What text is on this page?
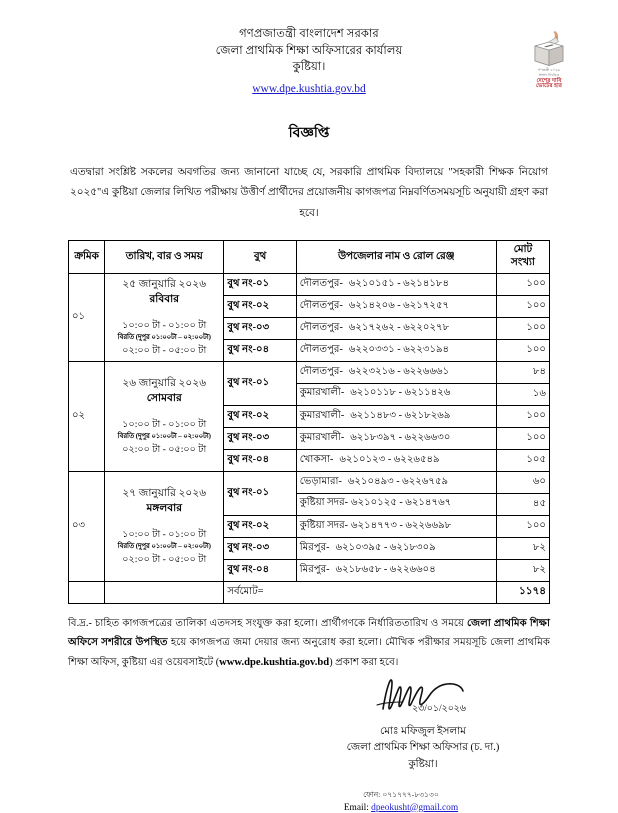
গণপ্রজাতন্ত্রী বাংলাদেশ সরকার
জেলা প্রাথমিক শিক্ষা অফিসারের কার্যালয়
কুষ্টিয়া।
www.dpe.kushtia.gov.bd
গণতন্ত্রী ২০২৬
সংসদ নির্বাচন
দেশের দাবি
ভোটের হার
বিজ্ঞপ্তি
এতদ্বারা সংশ্লিষ্ট সকলের অবগতির জন্য জানানো যাচ্ছে যে, সরকারি প্রাথমিক বিদ্যালয়ে "সহকারী শিক্ষক নিয়োগ ২০২৫"এ কুষ্টিয়া জেলার লিখিত পরীক্ষায় উত্তীর্ণ প্রার্থীদের প্রয়োজনীয় কাগজপত্র নিম্নবর্ণিতসময়সূচি অনুযায়ী গ্রহণ করা হবে।
ক্রমিক	তারিখ, বার ও সময়	বুথ	উপজেলার নাম ও রোল রেঞ্জ	মোট
সংখ্যা

০১	২৫ জানুয়ারি ২০২৬
রবিবার
১০:০০ টা - ০১:০০ টা
বিরতি (দুপুর ০১:০০টা – ০২:০০টা)
০২:০০ টা - ০৫:০০ টা	বুথ নং-০১	দৌলতপুর- ৬২১০১৫১ - ৬২১৪১৮৪	১০০
		বুথ নং-০২	দৌলতপুর- ৬২১৪২০৬ - ৬২১৭২৫৭	১০০
		বুথ নং-০৩	দৌলতপুর- ৬২১৭২৬২ - ৬২২০২৭৮	১০০
		বুথ নং-০৪	দৌলতপুর- ৬২২০৩৩১ - ৬২২৩১৯৪	১০০
০২	২৬ জানুয়ারি ২০২৬
সোমবার
১০:০০ টা - ০১:০০ টা
বিরতি (দুপুর ০১:০০টা – ০২:০০টা)
০২:০০ টা - ০৫:০০ টা	বুথ নং-০১	দৌলতপুর- ৬২২৩২১৬ - ৬২২৬৬৬১	৮৪
			কুমারখালী- ৬২১০১১৮ - ৬২১১৪২৬	১৬
		বুথ নং-০২	কুমারখালী- ৬২১১৪৮৩ - ৬২১৮২৬৯	১০০
		বুথ নং-০৩	কুমারখালী- ৬২১৮৩৯৭ - ৬২২৬৬৩০	১০০
		বুথ নং-০৪	খোকসা- ৬২১০১২৩ - ৬২২৬৫৪৯	১০৫
০৩	২৭ জানুয়ারি ২০২৬
মঙ্গলবার
১০:০০ টা - ০১:০০ টা
বিরতি (দুপুর ০১:০০টা – ০২:০০টা)
০২:০০ টা - ০৫:০০ টা	বুথ নং-০১	ভেড়ামারা- ৬২১০৪৯৩ - ৬২২৬৭৫৯	৬০
			কুষ্টিয়া সদর- ৬২১০১২৫ - ৬২১৪৭৬৭	৪৫
		বুথ নং-০২	কুষ্টিয়া সদর- ৬২১৪৭৭৩ - ৬২২৬৬৯৮	১০০
		বুথ নং-০৩	মিরপুর- ৬২১০৩৯৫ - ৬২১৮৩০৯	৮২
		বুথ নং-০৪	মিরপুর- ৬২১৮৬৫৮ - ৬২২৬৬০৪	৮২
		সর্বমোট=		১১৭৪
বি.দ্র.- চাহিত কাগজপত্রের তালিকা এতদসহ সংযুক্ত করা হলো। প্রার্থীগণকে নির্ধারিততারিখ ও সময়ে জেলা প্রাথমিক শিক্ষা অফিসে সশরীরে উপস্থিত হয়ে কাগজপত্র জমা দেয়ার জন্য অনুরোধ করা হলো। মৌখিক পরীক্ষার সময়সূচি জেলা প্রাথমিক শিক্ষা অফিস, কুষ্টিয়া এর ওয়েবসাইটে (www.dpe.kushtia.gov.bd) প্রকাশ করা হবে।
২৩/০১/২০২৬
মোঃ মফিজুল ইসলাম
জেলা প্রাথমিক শিক্ষা অফিসার (চ. দা.)
কুষ্টিয়া।
ফোন: ০৭১৭৭৭-৮৩১৩০
Email: dpeokusht@gmail.com
